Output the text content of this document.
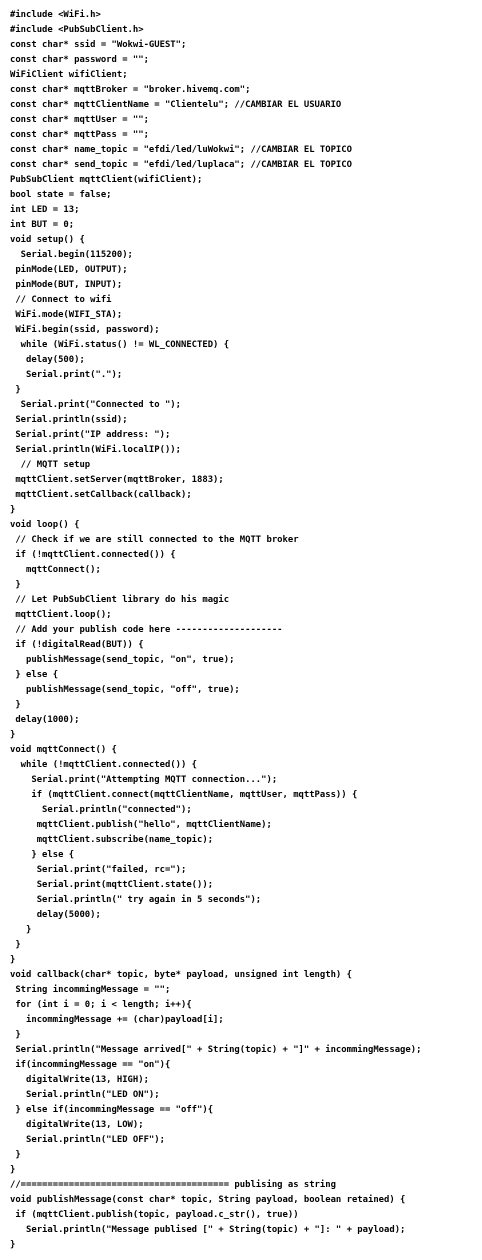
#include <WiFi.h>
#include <PubSubClient.h>
const char* ssid = "Wokwi-GUEST";
const char* password = "";
WiFiClient wifiClient;
const char* mqttBroker = "broker.hivemq.com";
const char* mqttClientName = "Clientelu"; //CAMBIAR EL USUARIO
const char* mqttUser = "";
const char* mqttPass = "";
const char* name_topic = "efdi/led/luWokwi"; //CAMBIAR EL TOPICO
const char* send_topic = "efdi/led/luplaca"; //CAMBIAR EL TOPICO
PubSubClient mqttClient(wifiClient);
bool state = false;
int LED = 13;
int BUT = 0;
void setup() {
Serial.begin(115200);
pinMode(LED, OUTPUT);
pinMode(BUT, INPUT);
// Connect to wifi
WiFi.mode(WIFI_STA);
WiFi.begin(ssid, password);
while (WiFi.status() != WL_CONNECTED) {
delay(500);
Serial.print(".");
}
Serial.print("Connected to ");
Serial.println(ssid);
Serial.print("IP address: ");
Serial.println(WiFi.localIP());
// MQTT setup
mqttClient.setServer(mqttBroker, 1883);
mqttClient.setCallback(callback);
}
void loop() {
// Check if we are still connected to the MQTT broker
if (!mqttClient.connected()) {
mqttConnect();
}
// Let PubSubClient library do his magic
mqttClient.loop();
// Add your publish code here --------------------
if (!digitalRead(BUT)) {
publishMessage(send_topic, "on", true);
} else {
publishMessage(send_topic, "off", true);
}
delay(1000);
}
void mqttConnect() {
while (!mqttClient.connected()) {
Serial.print("Attempting MQTT connection...");
if (mqttClient.connect(mqttClientName, mqttUser, mqttPass)) {
Serial.println("connected");
mqttClient.publish("hello", mqttClientName);
mqttClient.subscribe(name_topic);
} else {
Serial.print("failed, rc=");
Serial.print(mqttClient.state());
Serial.println(" try again in 5 seconds");
delay(5000);
}
}
}
void callback(char* topic, byte* payload, unsigned int length) {
String incommingMessage = "";
for (int i = 0; i < length; i++){
incommingMessage += (char)payload[i];
}
Serial.println("Message arrived[" + String(topic) + "]" + incommingMessage);
if(incommingMessage == "on"){
digitalWrite(13, HIGH);
Serial.println("LED ON");
} else if(incommingMessage == "off"){
digitalWrite(13, LOW);
Serial.println("LED OFF");
}
}
//======================================= publising as string
void publishMessage(const char* topic, String payload, boolean retained) {
if (mqttClient.publish(topic, payload.c_str(), true))
Serial.println("Message publised [" + String(topic) + "]: " + payload);
}
